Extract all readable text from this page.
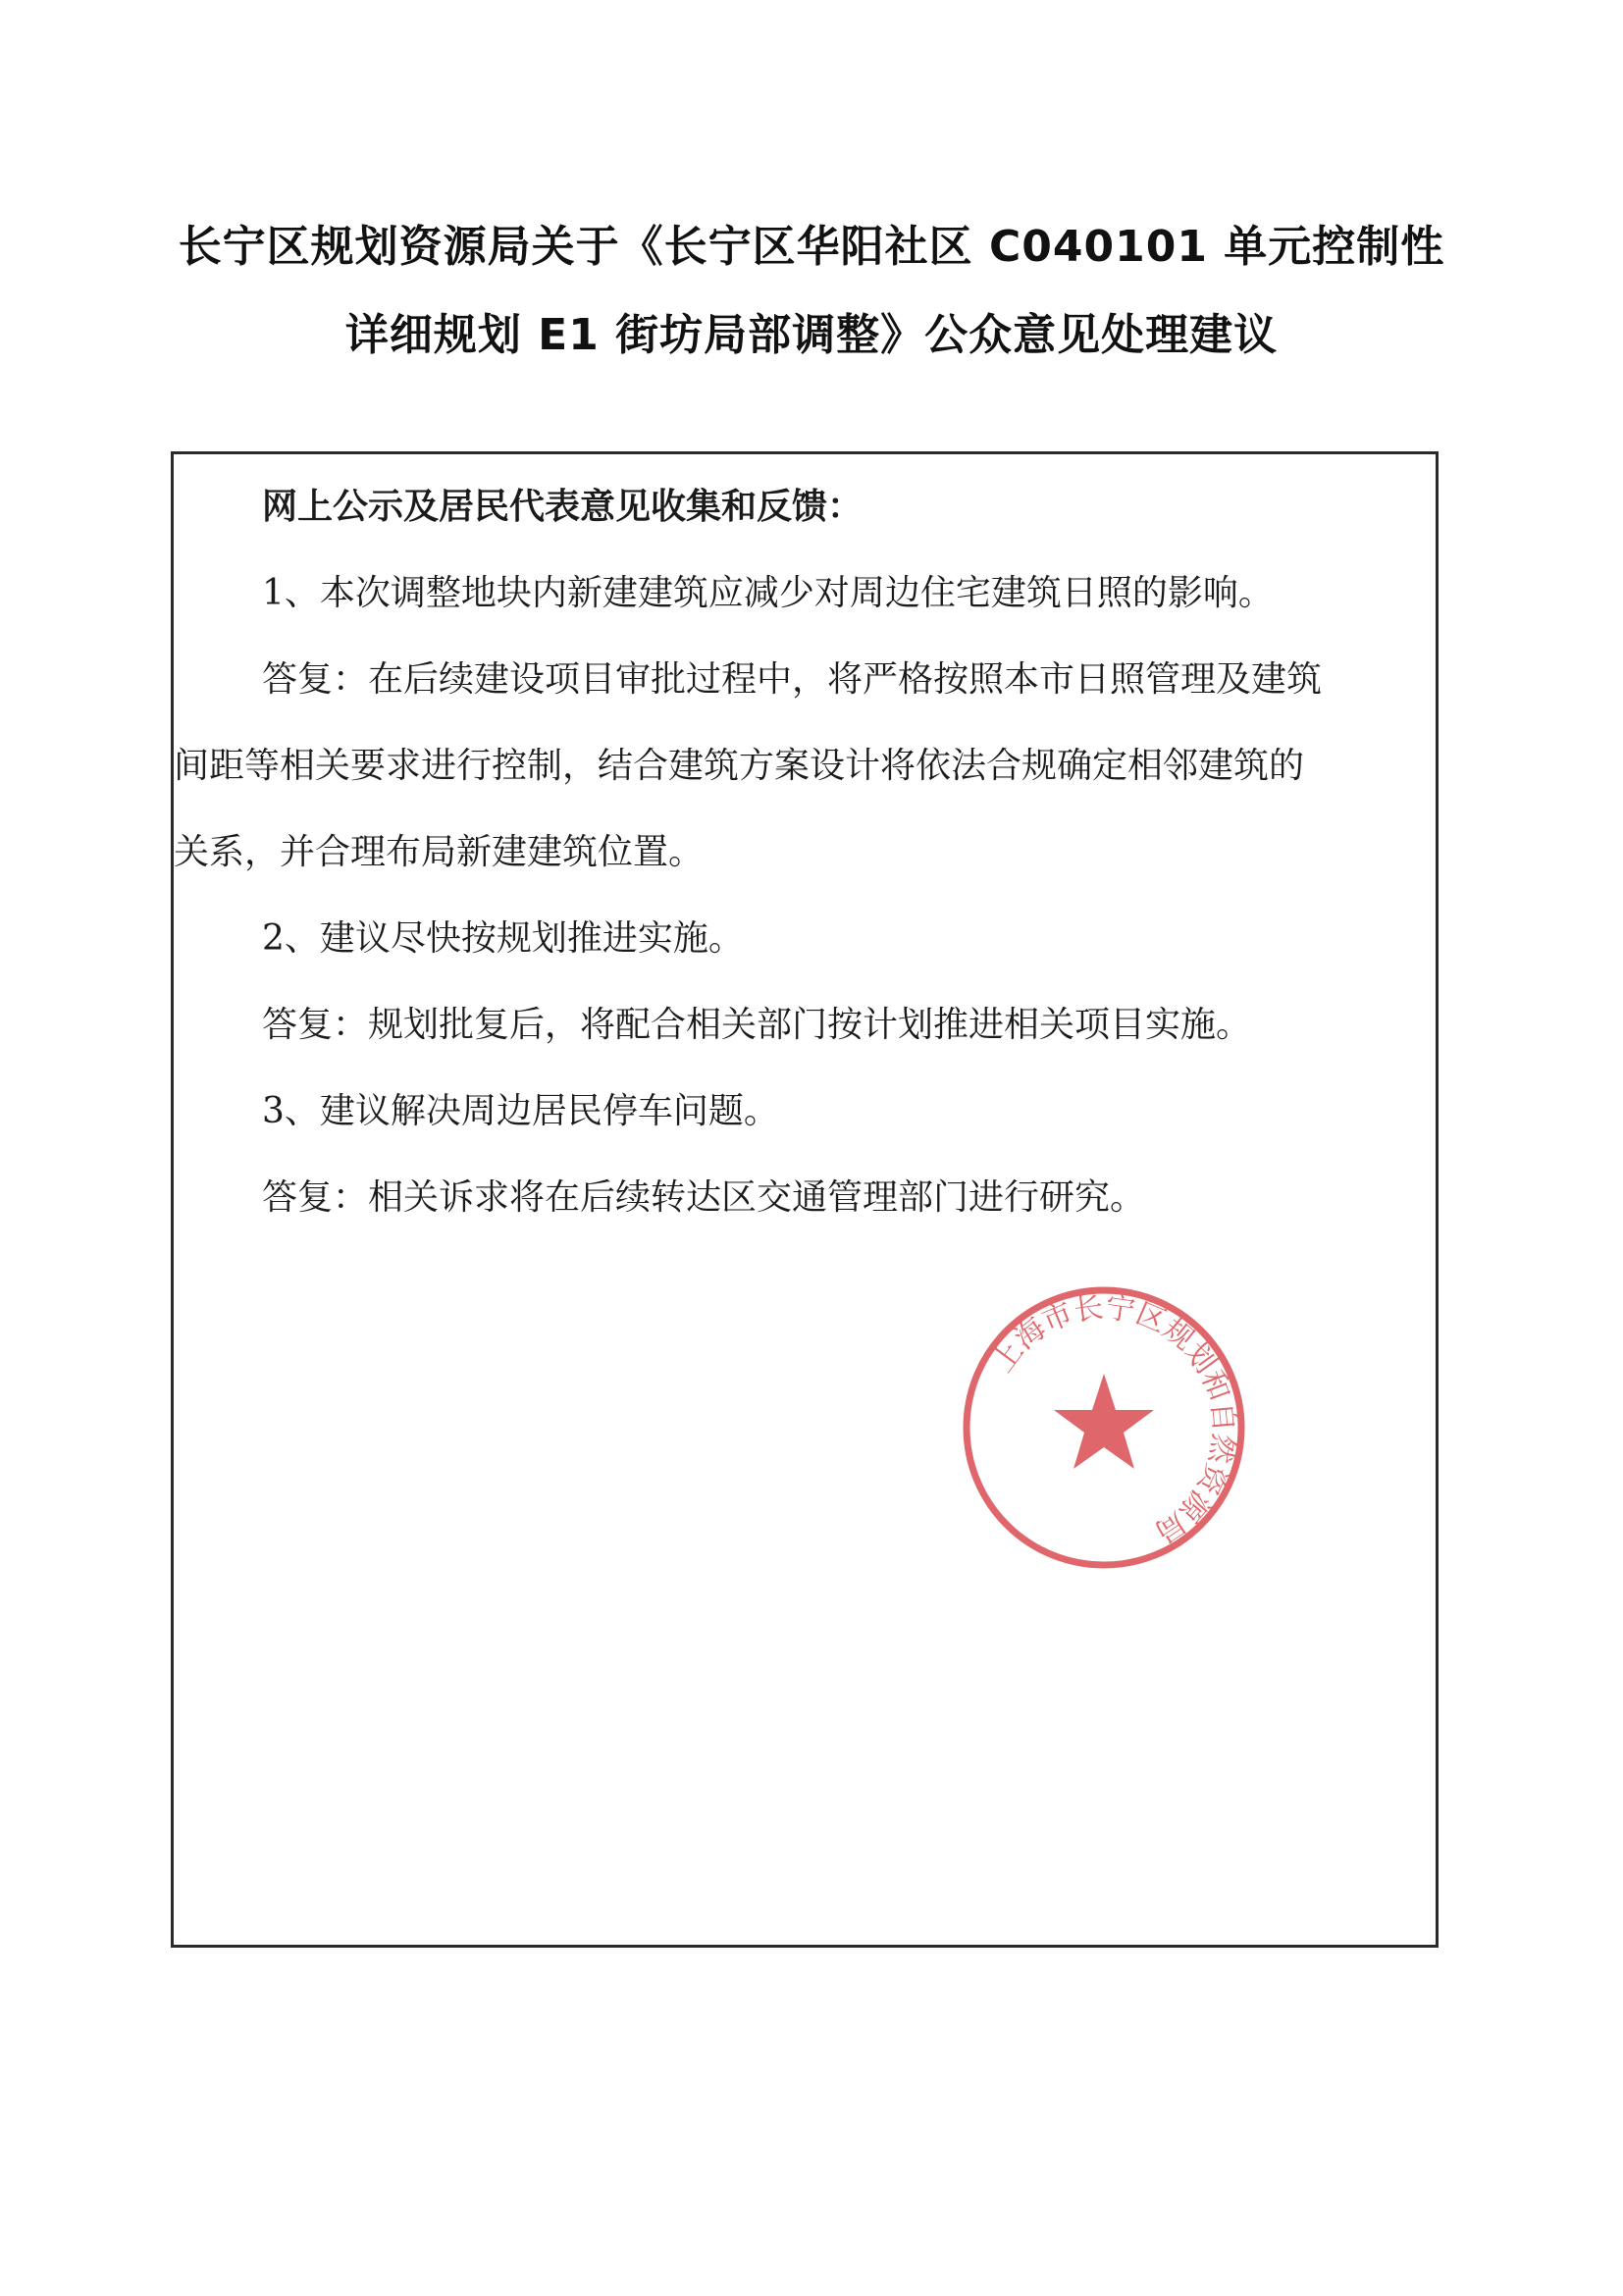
长宁区规划资源局关于《长宁区华阳社区 C040101 单元控制性
详细规划 E1 街坊局部调整》公众意见处理建议
网上公示及居民代表意见收集和反馈：
1、本次调整地块内新建建筑应减少对周边住宅建筑日照的影响。
答复：在后续建设项目审批过程中，将严格按照本市日照管理及建筑
间距等相关要求进行控制，结合建筑方案设计将依法合规确定相邻建筑的
关系，并合理布局新建建筑位置。
2、建议尽快按规划推进实施。
答复：规划批复后，将配合相关部门按计划推进相关项目实施。
3、建议解决周边居民停车问题。
答复：相关诉求将在后续转达区交通管理部门进行研究。
上海市长宁区规划和自然资源局
